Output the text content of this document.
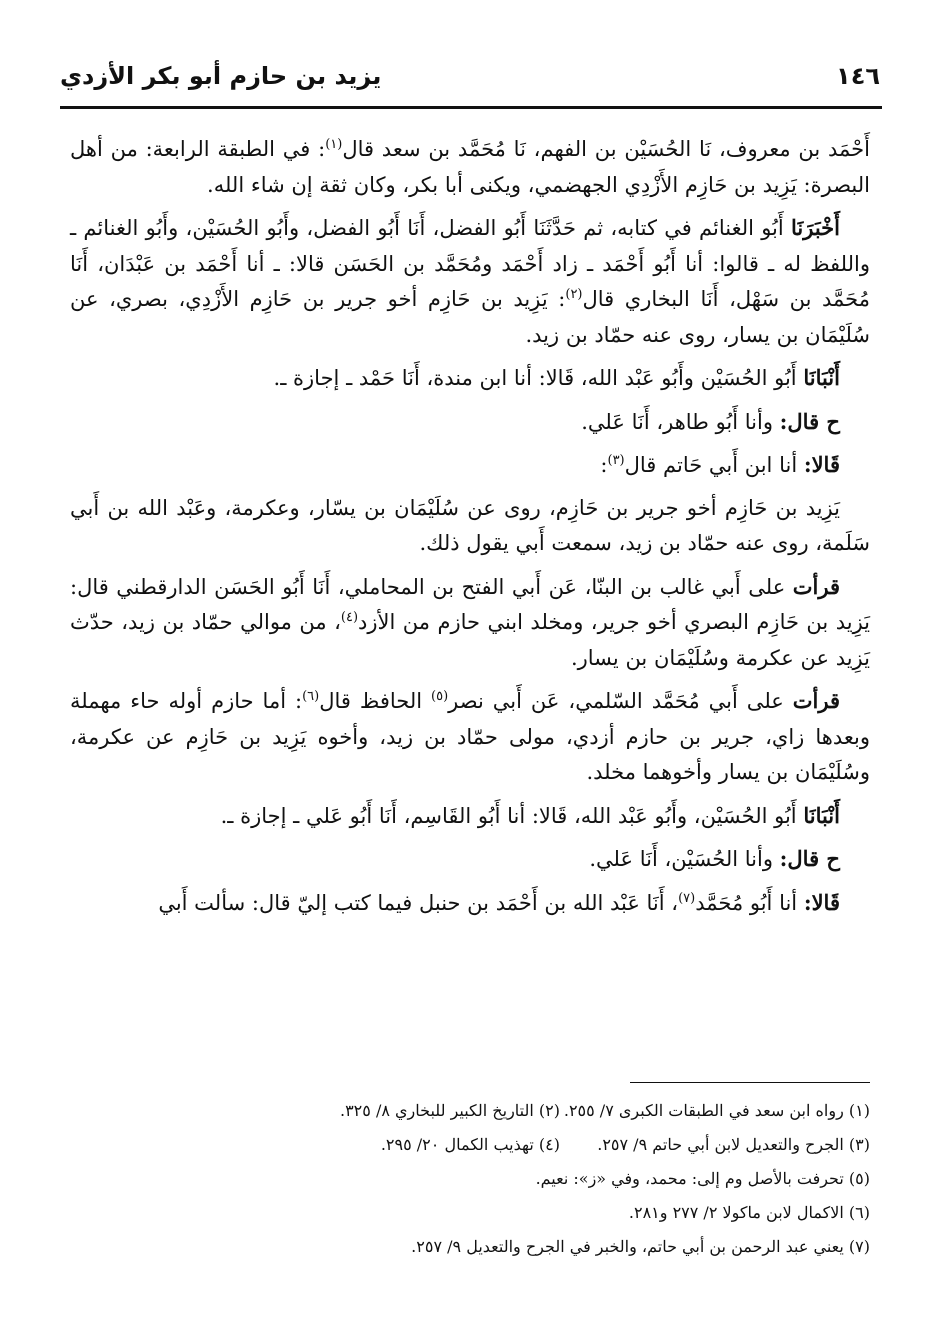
١٤٦
يزيد بن حازم أبو بكر الأزدي

أَحْمَد بن معروف، نَا الحُسَيْن بن الفهم، نَا مُحَمَّد بن سعد قال$^{(١)}$: في الطبقة الرابعة: من أهل البصرة: يَزِيد بن حَازِم الأَزْدِي الجهضمي، ويكنى أبا بكر، وكان ثقة إن شاء الله.

أَخْبَرَنَا أَبُو الغنائم في كتابه، ثم حَدَّثَنَا أَبُو الفضل، أَنَا أَبُو الفضل، وأَبُو الحُسَيْن، وأَبُو الغنائم ـ واللفظ له ـ قالوا: أنا أَبُو أَحْمَد ـ زاد أَحْمَد ومُحَمَّد بن الحَسَن قالا: ـ أنا أَحْمَد بن عَبْدَان، أَنَا مُحَمَّد بن سَهْل، أَنَا البخاري قال$^{(٢)}$: يَزِيد بن حَازِم أخو جرير بن حَازِم الأَزْدِي، بصري، عن سُلَيْمَان بن يسار، روى عنه حمّاد بن زيد.

أَنْبَانَا أَبُو الحُسَيْن وأَبُو عَبْد الله، قَالا: أنا ابن مندة، أَنَا حَمْد ـ إجازة ـ.

ح قال: وأنا أَبُو طاهر، أَنَا عَلي.

قَالا: أنا ابن أَبي حَاتم قال$^{(٣)}$:

يَزِيد بن حَازِم أخو جرير بن حَازِم، روى عن سُلَيْمَان بن يسّار، وعكرمة، وعَبْد الله بن أَبي سَلَمة، روى عنه حمّاد بن زيد، سمعت أَبي يقول ذلك.

قرأت على أَبي غالب بن البنّا، عَن أَبي الفتح بن المحاملي، أَنَا أَبُو الحَسَن الدارقطني قال: يَزِيد بن حَازِم البصري أخو جرير، ومخلد ابني حازم من الأزد$^{(٤)}$، من موالي حمّاد بن زيد، حدّث يَزِيد عن عكرمة وسُلَيْمَان بن يسار.

قرأت على أَبي مُحَمَّد السّلمي، عَن أَبي نصر$^{(٥)}$ الحافظ قال$^{(٦)}$: أما حازم أوله حاء مهملة وبعدها زاي، جرير بن حازم أزدي، مولى حمّاد بن زيد، وأخوه يَزِيد بن حَازِم عن عكرمة، وسُلَيْمَان بن يسار وأخوهما مخلد.

أَنْبَانَا أَبُو الحُسَيْن، وأَبُو عَبْد الله، قَالا: أنا أَبُو القَاسِم، أَنَا أَبُو عَلي ـ إجازة ـ.

ح قال: وأنا الحُسَيْن، أَنَا عَلي.

قَالا: أنا أَبُو مُحَمَّد$^{(٧)}$، أَنَا عَبْد الله بن أَحْمَد بن حنبل فيما كتب إليّ قال: سألت أَبي

(١) رواه ابن سعد في الطبقات الكبرى ٧/ ٢٥٥.
(٢) التاريخ الكبير للبخاري ٨/ ٣٢٥.
(٣) الجرح والتعديل لابن أبي حاتم ٩/ ٢٥٧.
(٤) تهذيب الكمال ٢٠/ ٢٩٥.
(٥) تحرفت بالأصل وم إلى: محمد، وفي «ز»: نعيم.
(٦) الاكمال لابن ماكولا ٢/ ٢٧٧ و٢٨١.
(٧) يعني عبد الرحمن بن أبي حاتم، والخبر في الجرح والتعديل ٩/ ٢٥٧.
